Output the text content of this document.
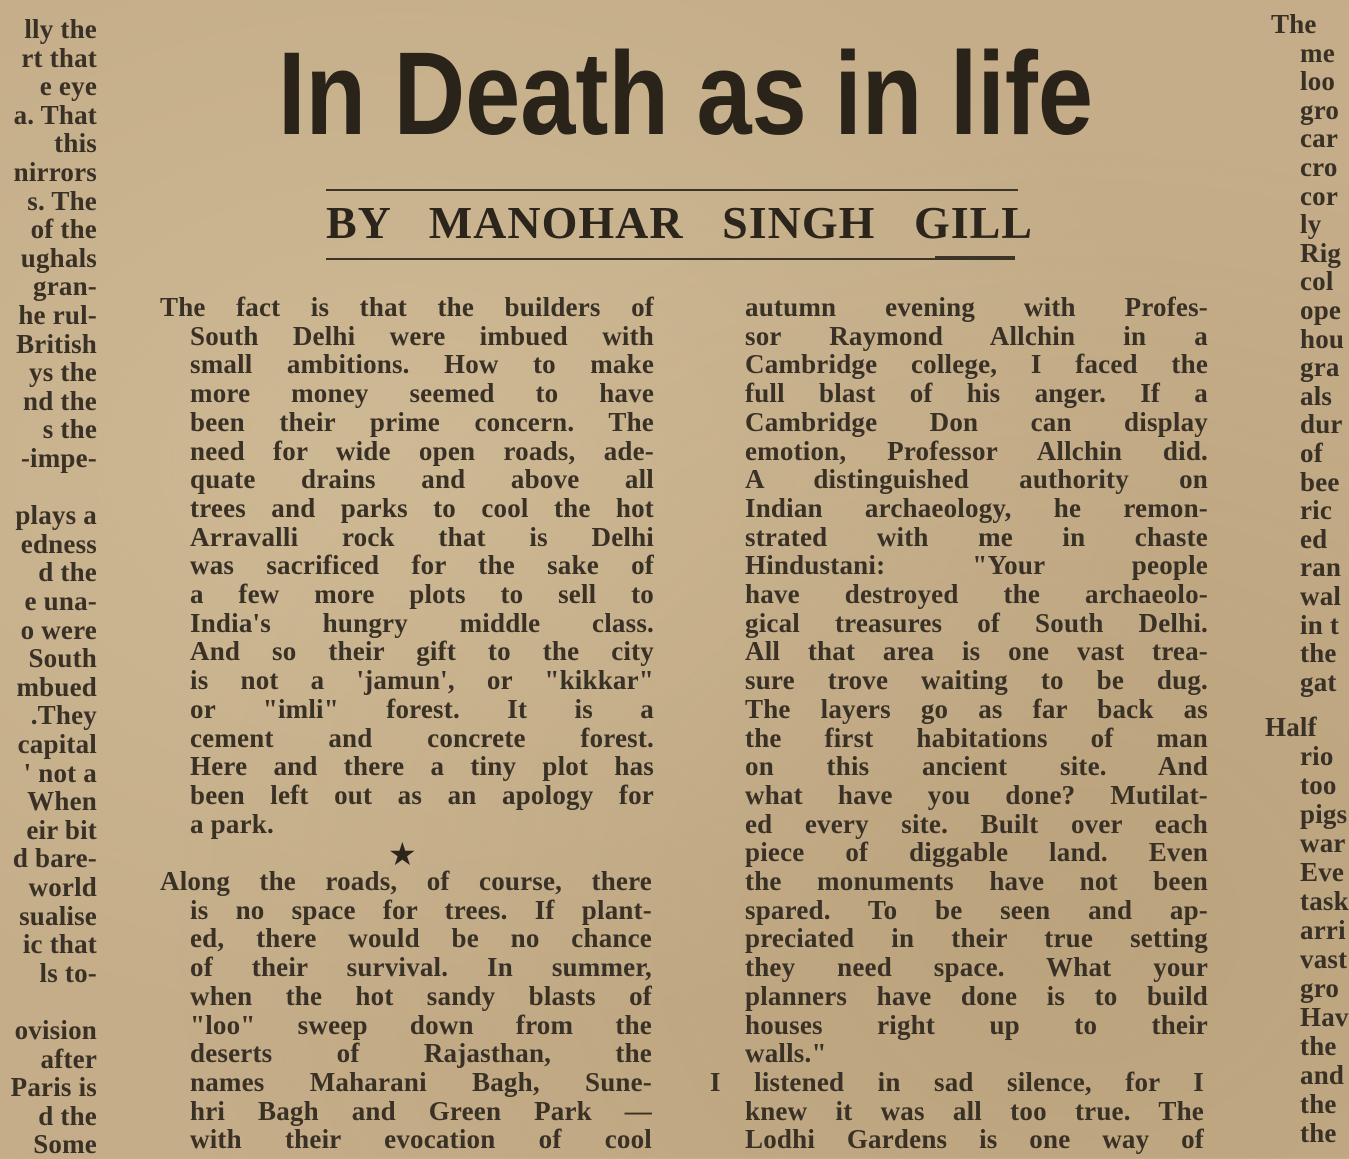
In Death as in life
BY MANOHAR SINGH GILL
★
lly the
rt that
e eye
a. That
this
nirrors
s. The
of the
ughals
gran-
he rul-
British
ys the
nd the
s the
-impe-
plays a
edness
d the
e una-
o were
South
mbued
.They
capital
' not a
When
eir bit
d bare-
world
sualise
ic that
ls to-
ovision
after
Paris is
d the
Some
The
me
loo
gro
car
cro
cor
ly
Rig
col
ope
hou
gra
als
dur
of
bee
ric
ed
ran
wal
in t
the
gat
Half
rio
too
pigs
war
Eve
task
arri
vast
gro
Hav
the
and
the
the
The fact is that the builders of
South Delhi were imbued with
small ambitions. How to make
more money seemed to have
been their prime concern. The
need for wide open roads, ade-
quate drains and above all
trees and parks to cool the hot
Arravalli rock that is Delhi
was sacrificed for the sake of
a few more plots to sell to
India's hungry middle class.
And so their gift to the city
is not a 'jamun', or "kikkar"
or "imli" forest. It is a
cement and concrete forest.
Here and there a tiny plot has
been left out as an apology for
a park.
Along the roads, of course, there
is no space for trees. If plant-
ed, there would be no chance
of their survival. In summer,
when the hot sandy blasts of
"loo" sweep down from the
deserts of Rajasthan, the
names Maharani Bagh, Sune-
hri Bagh and Green Park —
with their evocation of cool
autumn evening with Profes-
sor Raymond Allchin in a
Cambridge college, I faced the
full blast of his anger. If a
Cambridge Don can display
emotion, Professor Allchin did.
A distinguished authority on
Indian archaeology, he remon-
strated with me in chaste
Hindustani: "Your people
have destroyed the archaeolo-
gical treasures of South Delhi.
All that area is one vast trea-
sure trove waiting to be dug.
The layers go as far back as
the first habitations of man
on this ancient site. And
what have you done? Mutilat-
ed every site. Built over each
piece of diggable land. Even
the monuments have not been
spared. To be seen and ap-
preciated in their true setting
they need space. What your
planners have done is to build
houses right up to their
walls."
I listened in sad silence, for I
knew it was all too true. The
Lodhi Gardens is one way of
